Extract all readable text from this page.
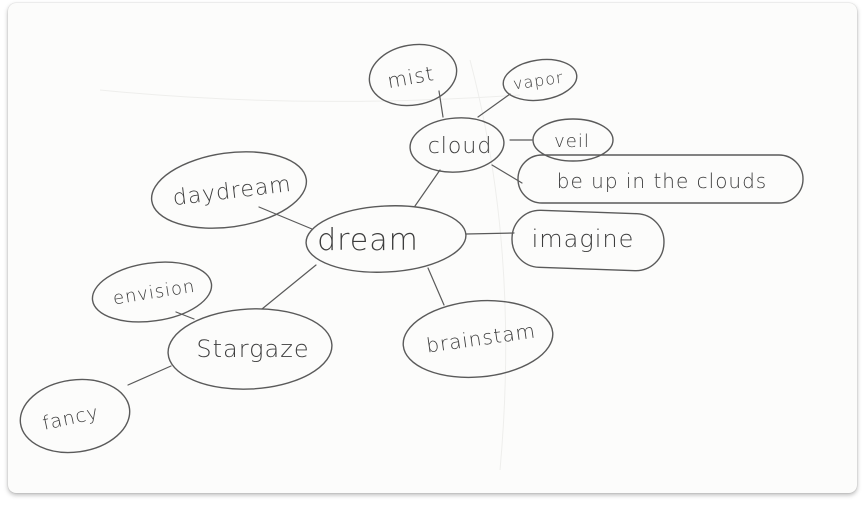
dream
cloud
mist	vapor
veil
be up in the clouds
imagine
daydream
brainstam
Stargaze
envision
fancy
